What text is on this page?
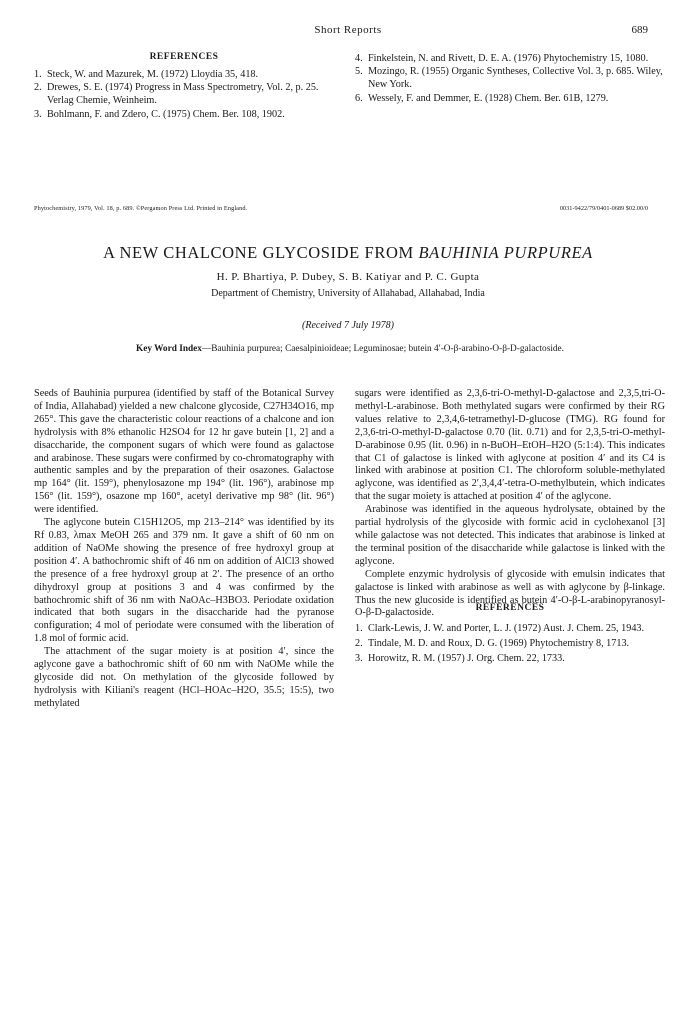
Short Reports	689
REFERENCES
1. Steck, W. and Mazurek, M. (1972) Lloydia 35, 418.
2. Drewes, S. E. (1974) Progress in Mass Spectrometry, Vol. 2, p. 25. Verlag Chemie, Weinheim.
3. Bohlmann, F. and Zdero, C. (1975) Chem. Ber. 108, 1902.
4. Finkelstein, N. and Rivett, D. E. A. (1976) Phytochemistry 15, 1080.
5. Mozingo, R. (1955) Organic Syntheses, Collective Vol. 3, p. 685. Wiley, New York.
6. Wessely, F. and Demmer, E. (1928) Chem. Ber. 61B, 1279.
Phytochemistry, 1979, Vol. 18, p. 689. ©Pergamon Press Ltd. Printed in England.	0031-9422/79/0401-0689 $02.00/0
A NEW CHALCONE GLYCOSIDE FROM BAUHINIA PURPUREA
H. P. Bhartiya, P. Dubey, S. B. Katiyar and P. C. Gupta
Department of Chemistry, University of Allahabad, Allahabad, India
(Received 7 July 1978)
Key Word Index—Bauhinia purpurea; Caesalpinioideae; Leguminosae; butein 4′-O-β-arabino-O-β-D-galactoside.

Seeds of Bauhinia purpurea (identified by staff of the Botanical Survey of India, Allahabad) yielded a new chalcone glycoside, C27H34O16, mp 265°. This gave the characteristic colour reactions of a chalcone and ion hydrolysis with 8% ethanolic H2SO4 for 12 hr gave butein [1, 2] and a disaccharide, the component sugars of which were found as galactose and arabinose. These sugars were confirmed by co-chromatography with authentic samples and by the preparation of their osazones. Galactose mp 164° (lit. 159°), phenylosazone mp 194° (lit. 196°), arabinose mp 156° (lit. 159°), osazone mp 160°, acetyl derivative mp 98° (lit. 96°) were identified.

The aglycone butein C15H12O5, mp 213–214° was identified by its Rf 0.83, λmax MeOH 265 and 379 nm. It gave a shift of 60 nm on addition of NaOMe showing the presence of free hydroxyl group at position 4′. A bathochromic shift of 46 nm on addition of AlCl3 showed the presence of a free hydroxyl group at 2′. The presence of an ortho dihydroxyl group at positions 3 and 4 was confirmed by the bathochromic shift of 36 nm with NaOAc–H3BO3. Periodate oxidation indicated that both sugars in the disaccharide had the pyranose configuration; 4 mol of periodate were consumed with the liberation of 1.8 mol of formic acid.

The attachment of the sugar moiety is at position 4′, since the aglycone gave a bathochromic shift of 60 nm with NaOMe while the glycoside did not. On methylation of the glycoside followed by hydrolysis with Kiliani's reagent (HCl–HOAc–H2O, 35.5; 15:5), two methylated

sugars were identified as 2,3,6-tri-O-methyl-D-galactose and 2,3,5,tri-O-methyl-L-arabinose. Both methylated sugars were confirmed by their RG values relative to 2,3,4,6-tetramethyl-D-glucose (TMG). RG found for 2,3,6-tri-O-methyl-D-galactose 0.70 (lit. 0.71) and for 2,3,5-tri-O-methyl-D-arabinose 0.95 (lit. 0.96) in n-BuOH–EtOH–H2O (5:1:4). This indicates that C1 of galactose is linked with aglycone at position 4′ and its C4 is linked with arabinose at position C1. The chloroform soluble-methylated aglycone, was identified as 2′,3,4,4′-tetra-O-methylbutein, which indicates that the sugar moiety is attached at position 4′ of the aglycone.

Arabinose was identified in the aqueous hydrolysate, obtained by the partial hydrolysis of the glycoside with formic acid in cyclohexanol [3] while galactose was not detected. This indicates that arabinose is linked at the terminal position of the disaccharide while galactose is linked with the aglycone.

Complete enzymic hydrolysis of glycoside with emulsin indicates that galactose is linked with arabinose as well as with aglycone by β-linkage. Thus the new glucoside is identified as butein 4′-O-β-L-arabinopyranosyl-O-β-D-galactoside.	REFERENCES
1. Clark-Lewis, J. W. and Porter, L. J. (1972) Aust. J. Chem. 25, 1943.
2. Tindale, M. D. and Roux, D. G. (1969) Phytochemistry 8, 1713.
3. Horowitz, R. M. (1957) J. Org. Chem. 22, 1733.
